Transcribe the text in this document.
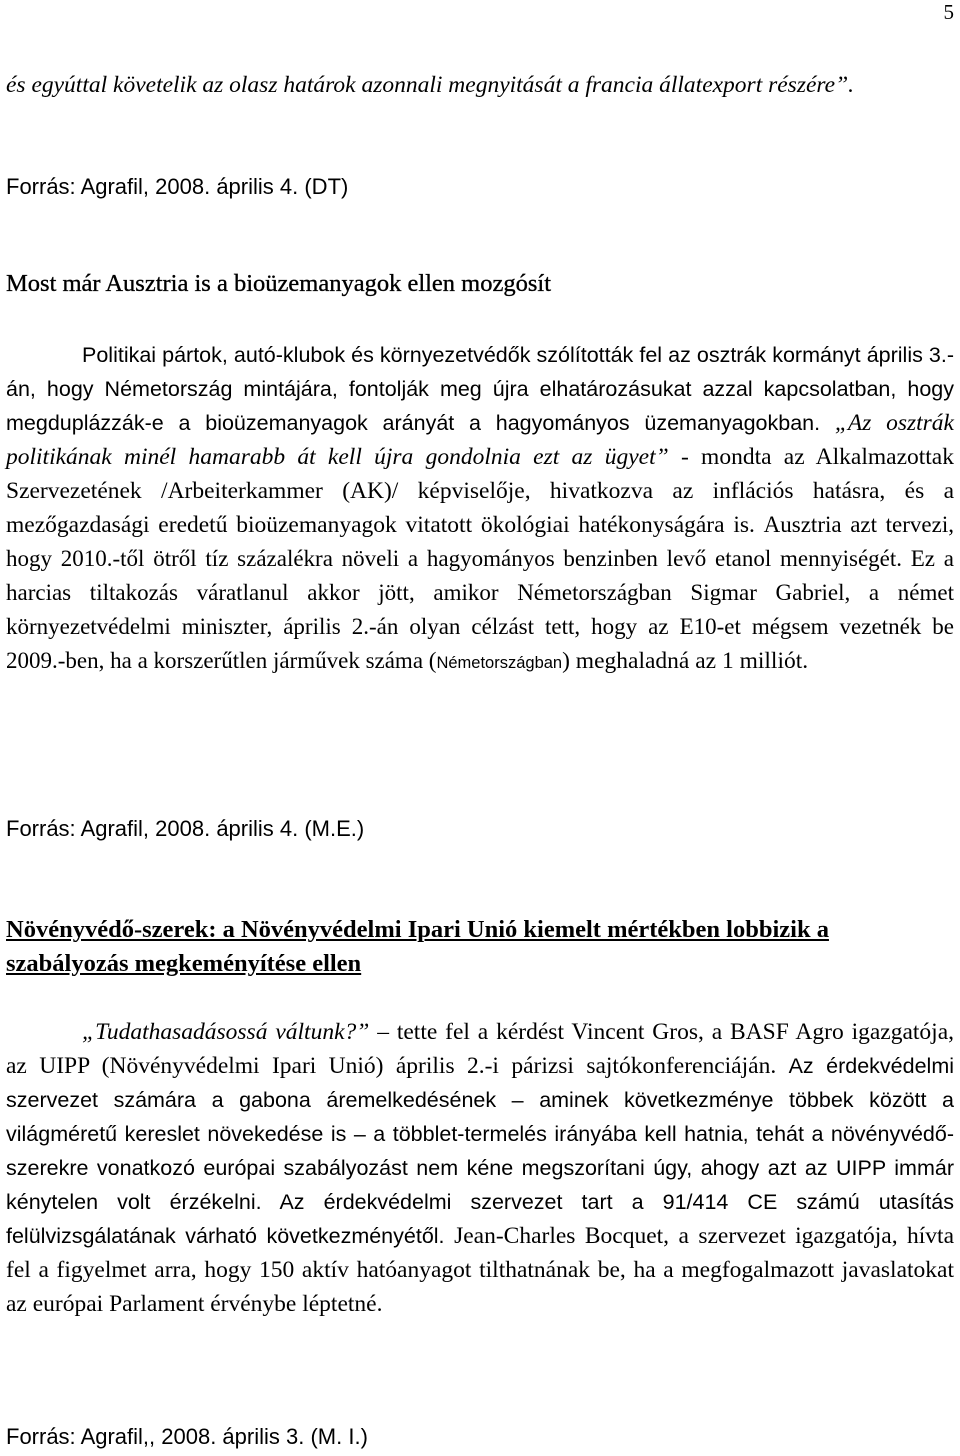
5

és egyúttal követelik az olasz határok azonnali megnyitását a francia állatexport részére”.

Forrás: Agrafil, 2008. április 4. (DT)

Most már Ausztria is a bioüzemanyagok ellen mozgósít

Politikai pártok, autó-klubok és környezetvédők szólították fel az osztrák kormányt április 3.-án, hogy Németország mintájára, fontolják meg újra elhatározásukat azzal kapcsolatban, hogy megduplázzák-e a bioüzemanyagok arányát a hagyományos üzemanyagokban. „Az osztrák politikának minél hamarabb át kell újra gondolnia ezt az ügyet” - mondta az Alkalmazottak Szervezetének /Arbeiterkammer (AK)/ képviselője, hivatkozva az inflációs hatásra, és a mezőgazdasági eredetű bioüzemanyagok vitatott ökológiai hatékonyságára is. Ausztria azt tervezi, hogy 2010.-től ötről tíz százalékra növeli a hagyományos benzinben levő etanol mennyiségét. Ez a harcias tiltakozás váratlanul akkor jött, amikor Németországban Sigmar Gabriel, a német környezetvédelmi miniszter, április 2.-án olyan célzást tett, hogy az E10-et mégsem vezetnék be 2009.-ben, ha a korszerűtlen járművek száma (Németországban) meghaladná az 1 milliót.

Forrás: Agrafil, 2008. április 4. (M.E.)

Növényvédő-szerek: a Növényvédelmi Ipari Unió kiemelt mértékben lobbizik a szabályozás megkeményítése ellen

„Tudathasadásossá váltunk?” – tette fel a kérdést Vincent Gros, a BASF Agro igazgatója, az UIPP (Növényvédelmi Ipari Unió) április 2.-i párizsi sajtókonferenciáján. Az érdekvédelmi szervezet számára a gabona áremelkedésének – aminek következménye többek között a világméretű kereslet növekedése is – a többlet-termelés irányába kell hatnia, tehát a növényvédő-szerekre vonatkozó európai szabályozást nem kéne megszorítani úgy, ahogy azt az UIPP immár kénytelen volt érzékelni. Az érdekvédelmi szervezet tart a 91/414 CE számú utasítás felülvizsgálatának várható következményétől. Jean-Charles Bocquet, a szervezet igazgatója, hívta fel a figyelmet arra, hogy 150 aktív hatóanyagot tilthatnának be, ha a megfogalmazott javaslatokat az európai Parlament érvénybe léptetné.

Forrás: Agrafil,, 2008. április 3. (M. I.)
